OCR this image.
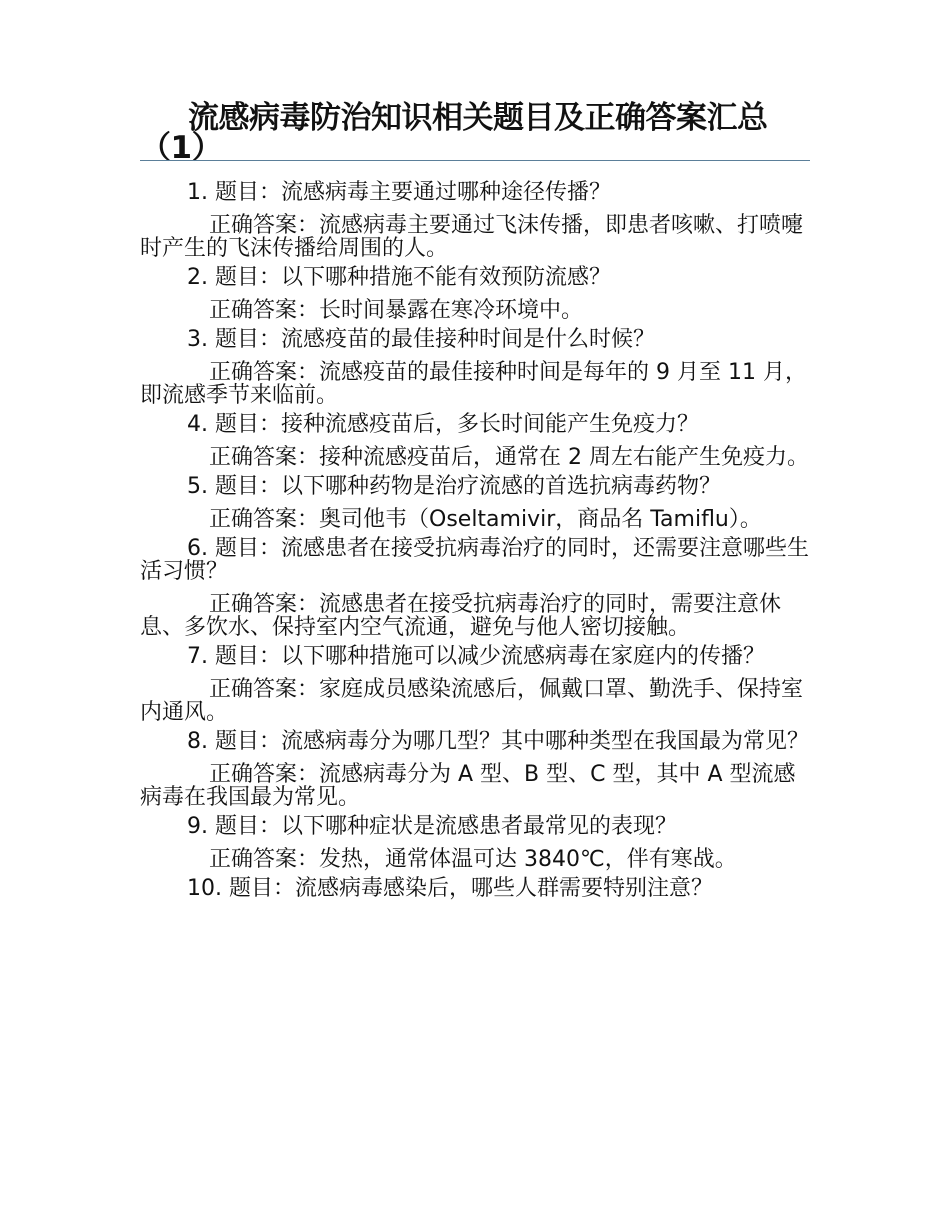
流感病毒防治知识相关题目及正确答案汇总（1）

1. 题目：流感病毒主要通过哪种途径传播？

正确答案：流感病毒主要通过飞沫传播，即患者咳嗽、打喷嚏时产生的飞沫传播给周围的人。

2. 题目：以下哪种措施不能有效预防流感？

正确答案：长时间暴露在寒冷环境中。

3. 题目：流感疫苗的最佳接种时间是什么时候？

正确答案：流感疫苗的最佳接种时间是每年的 9 月至 11 月，即流感季节来临前。

4. 题目：接种流感疫苗后，多长时间能产生免疫力？

正确答案：接种流感疫苗后，通常在 2 周左右能产生免疫力。

5. 题目：以下哪种药物是治疗流感的首选抗病毒药物？

正确答案：奥司他韦（Oseltamivir，商品名 Tamiflu）。

6. 题目：流感患者在接受抗病毒治疗的同时，还需要注意哪些生活习惯？

正确答案：流感患者在接受抗病毒治疗的同时，需要注意休息、多饮水、保持室内空气流通，避免与他人密切接触。

7. 题目：以下哪种措施可以减少流感病毒在家庭内的传播？

正确答案：家庭成员感染流感后，佩戴口罩、勤洗手、保持室内通风。

8. 题目：流感病毒分为哪几型？其中哪种类型在我国最为常见？

正确答案：流感病毒分为 A 型、B 型、C 型，其中 A 型流感病毒在我国最为常见。

9. 题目：以下哪种症状是流感患者最常见的表现？

正确答案：发热，通常体温可达 3840℃，伴有寒战。

10. 题目：流感病毒感染后，哪些人群需要特别注意？
